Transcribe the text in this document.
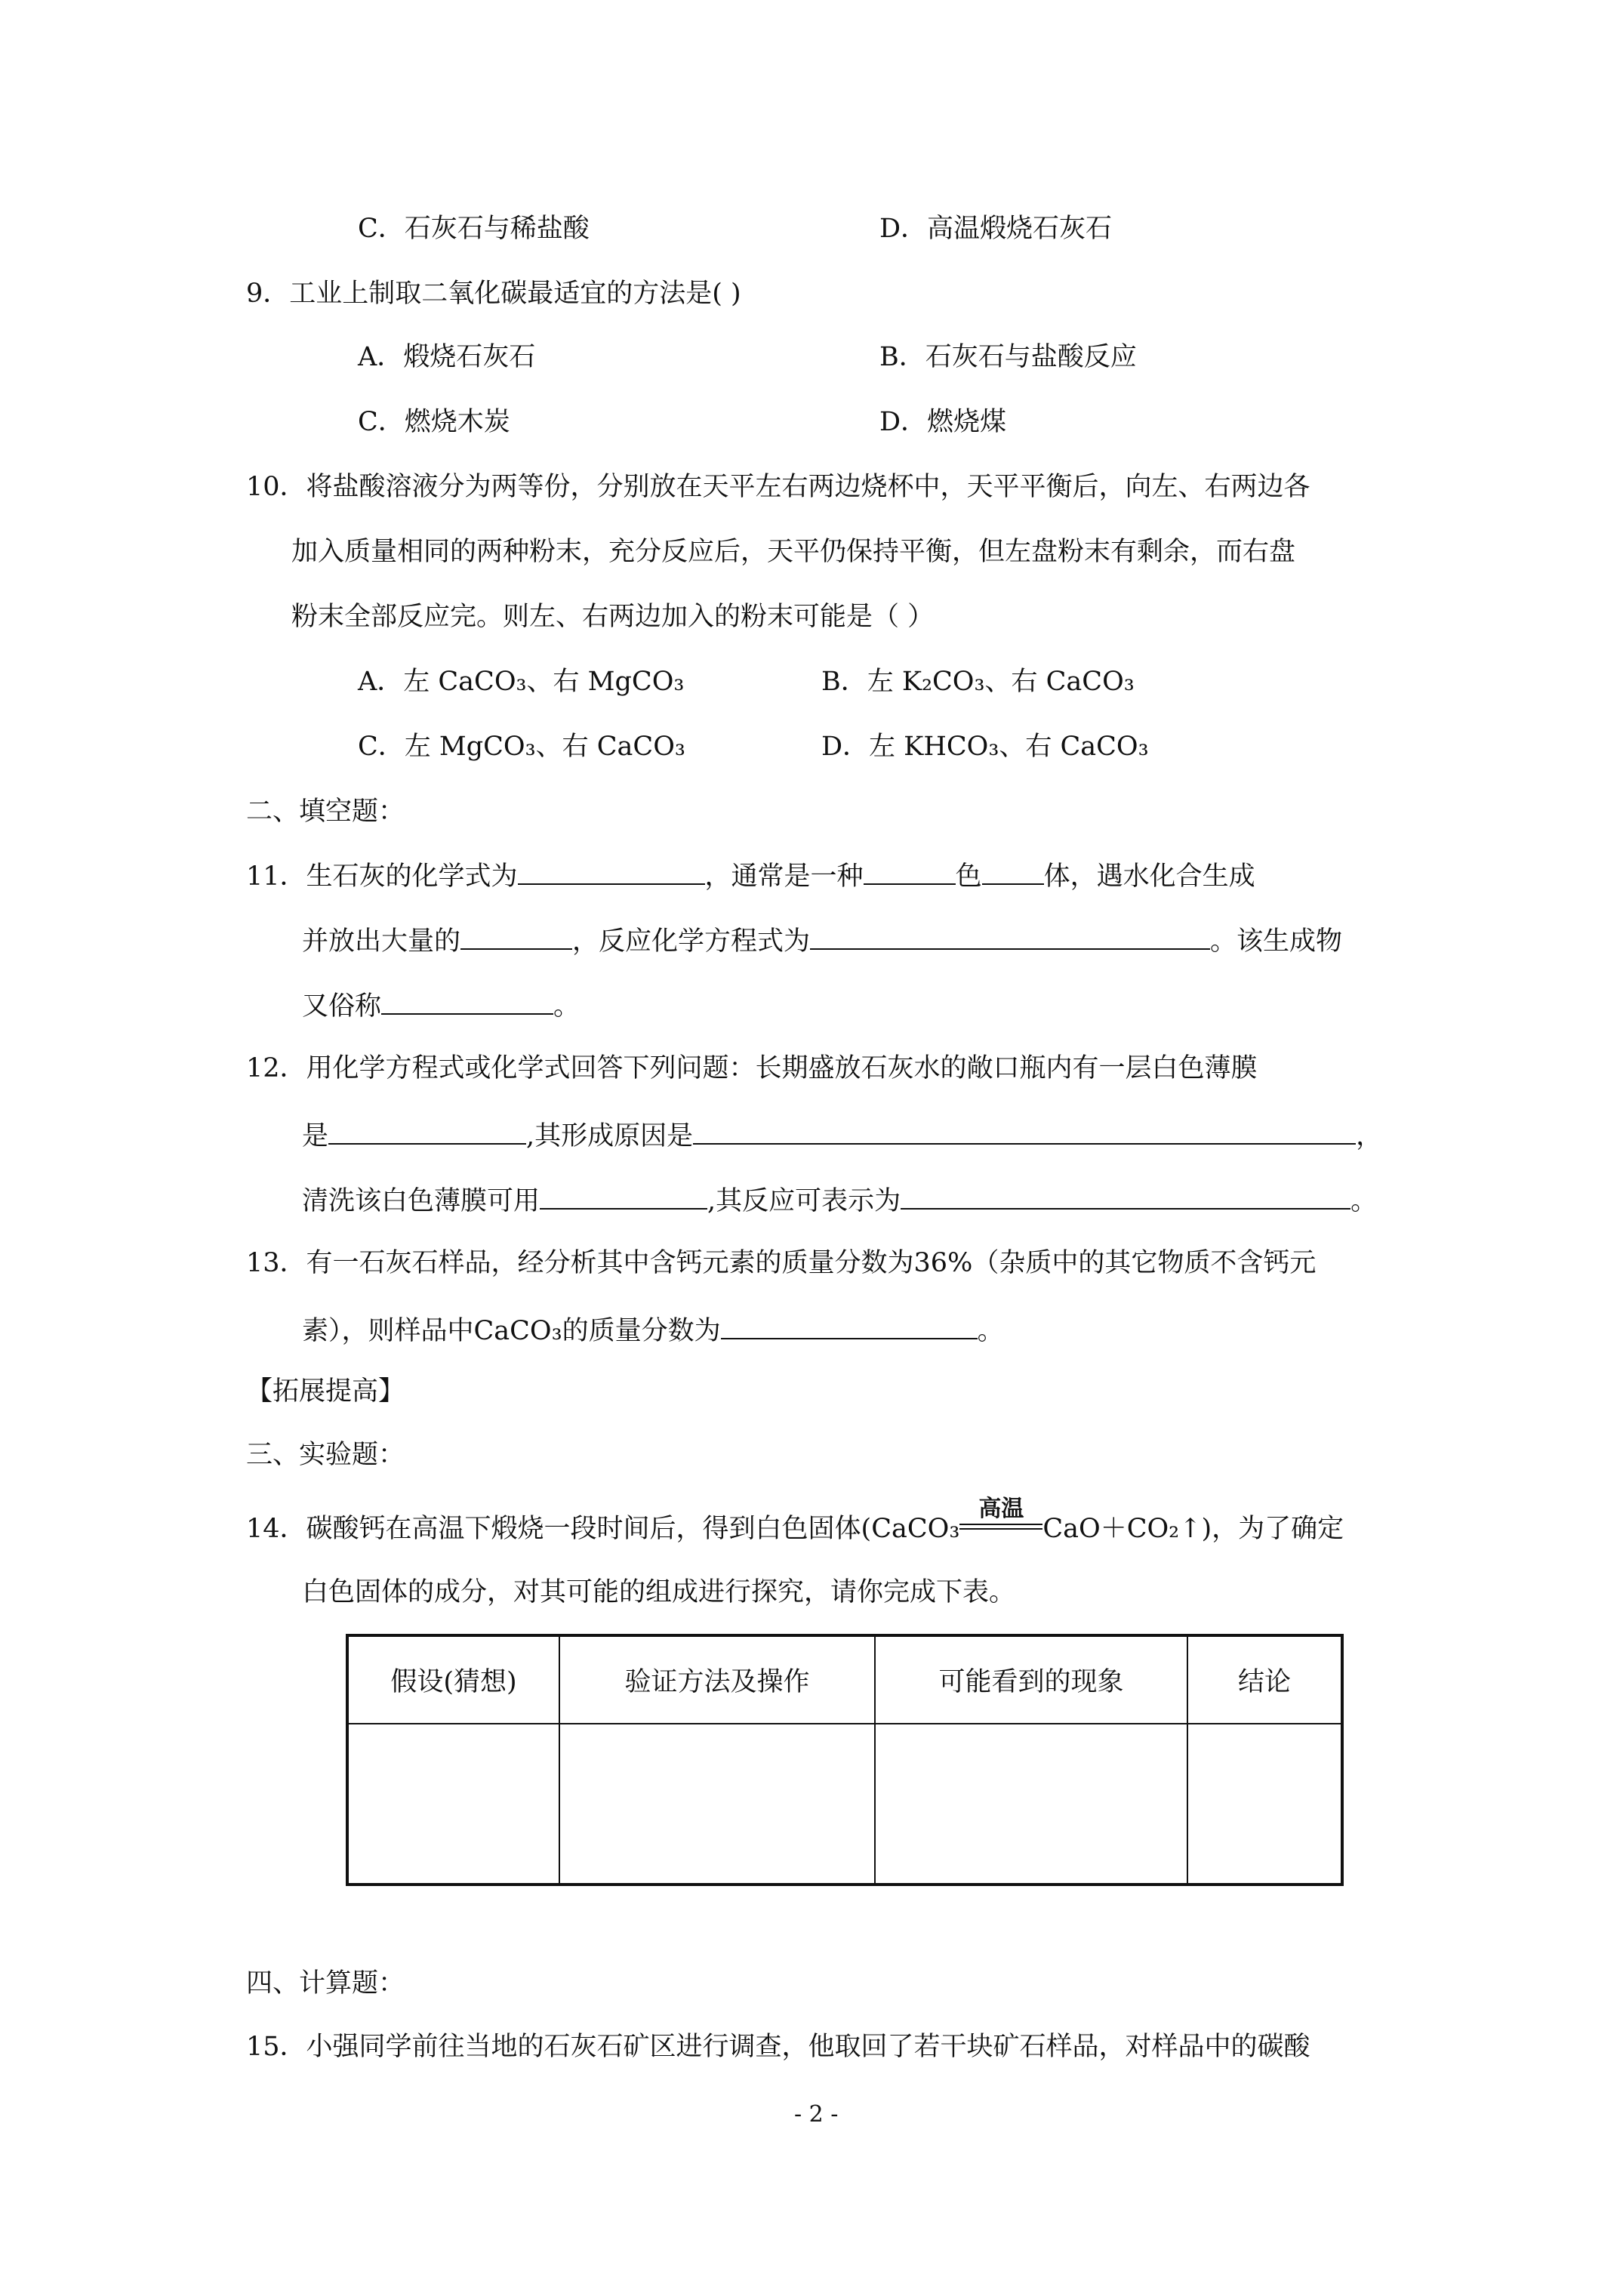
C．石灰石与稀盐酸	D．高温煅烧石灰石
9．工业上制取二氧化碳最适宜的方法是( )
A．煅烧石灰石	B．石灰石与盐酸反应
C．燃烧木炭	D．燃烧煤
10．将盐酸溶液分为两等份，分别放在天平左右两边烧杯中，天平平衡后，向左、右两边各
加入质量相同的两种粉末，充分反应后，天平仍保持平衡，但左盘粉末有剩余，而右盘
粉末全部反应完。则左、右两边加入的粉末可能是（ ）
A．左 CaCO₃、右 MgCO₃	B．左 K₂CO₃、右 CaCO₃
C．左 MgCO₃、右 CaCO₃	D．左 KHCO₃、右 CaCO₃
二、填空题：
11．生石灰的化学式为	，通常是一种	色 体，遇水化合生成
并放出大量的	，反应化学方程式为	。该生成物
又俗称	。
12．用化学方程式或化学式回答下列问题：长期盛放石灰水的敞口瓶内有一层白色薄膜
是	,其形成原因是	，
清洗该白色薄膜可用	,其反应可表示为	。
13．有一石灰石样品，经分析其中含钙元素的质量分数为36%（杂质中的其它物质不含钙元
素），则样品中CaCO₃的质量分数为	。
【拓展提高】
三、实验题：
14．碳酸钙在高温下煅烧一段时间后，得到白色固体(CaCO₃
高温
CaO＋CO₂↑)，为了确定
白色固体的成分，对其可能的组成进行探究，请你完成下表。
假设(猜想)	验证方法及操作	可能看到的现象	结论

四、计算题：
15．小强同学前往当地的石灰石矿区进行调查，他取回了若干块矿石样品，对样品中的碳酸
- 2 -
